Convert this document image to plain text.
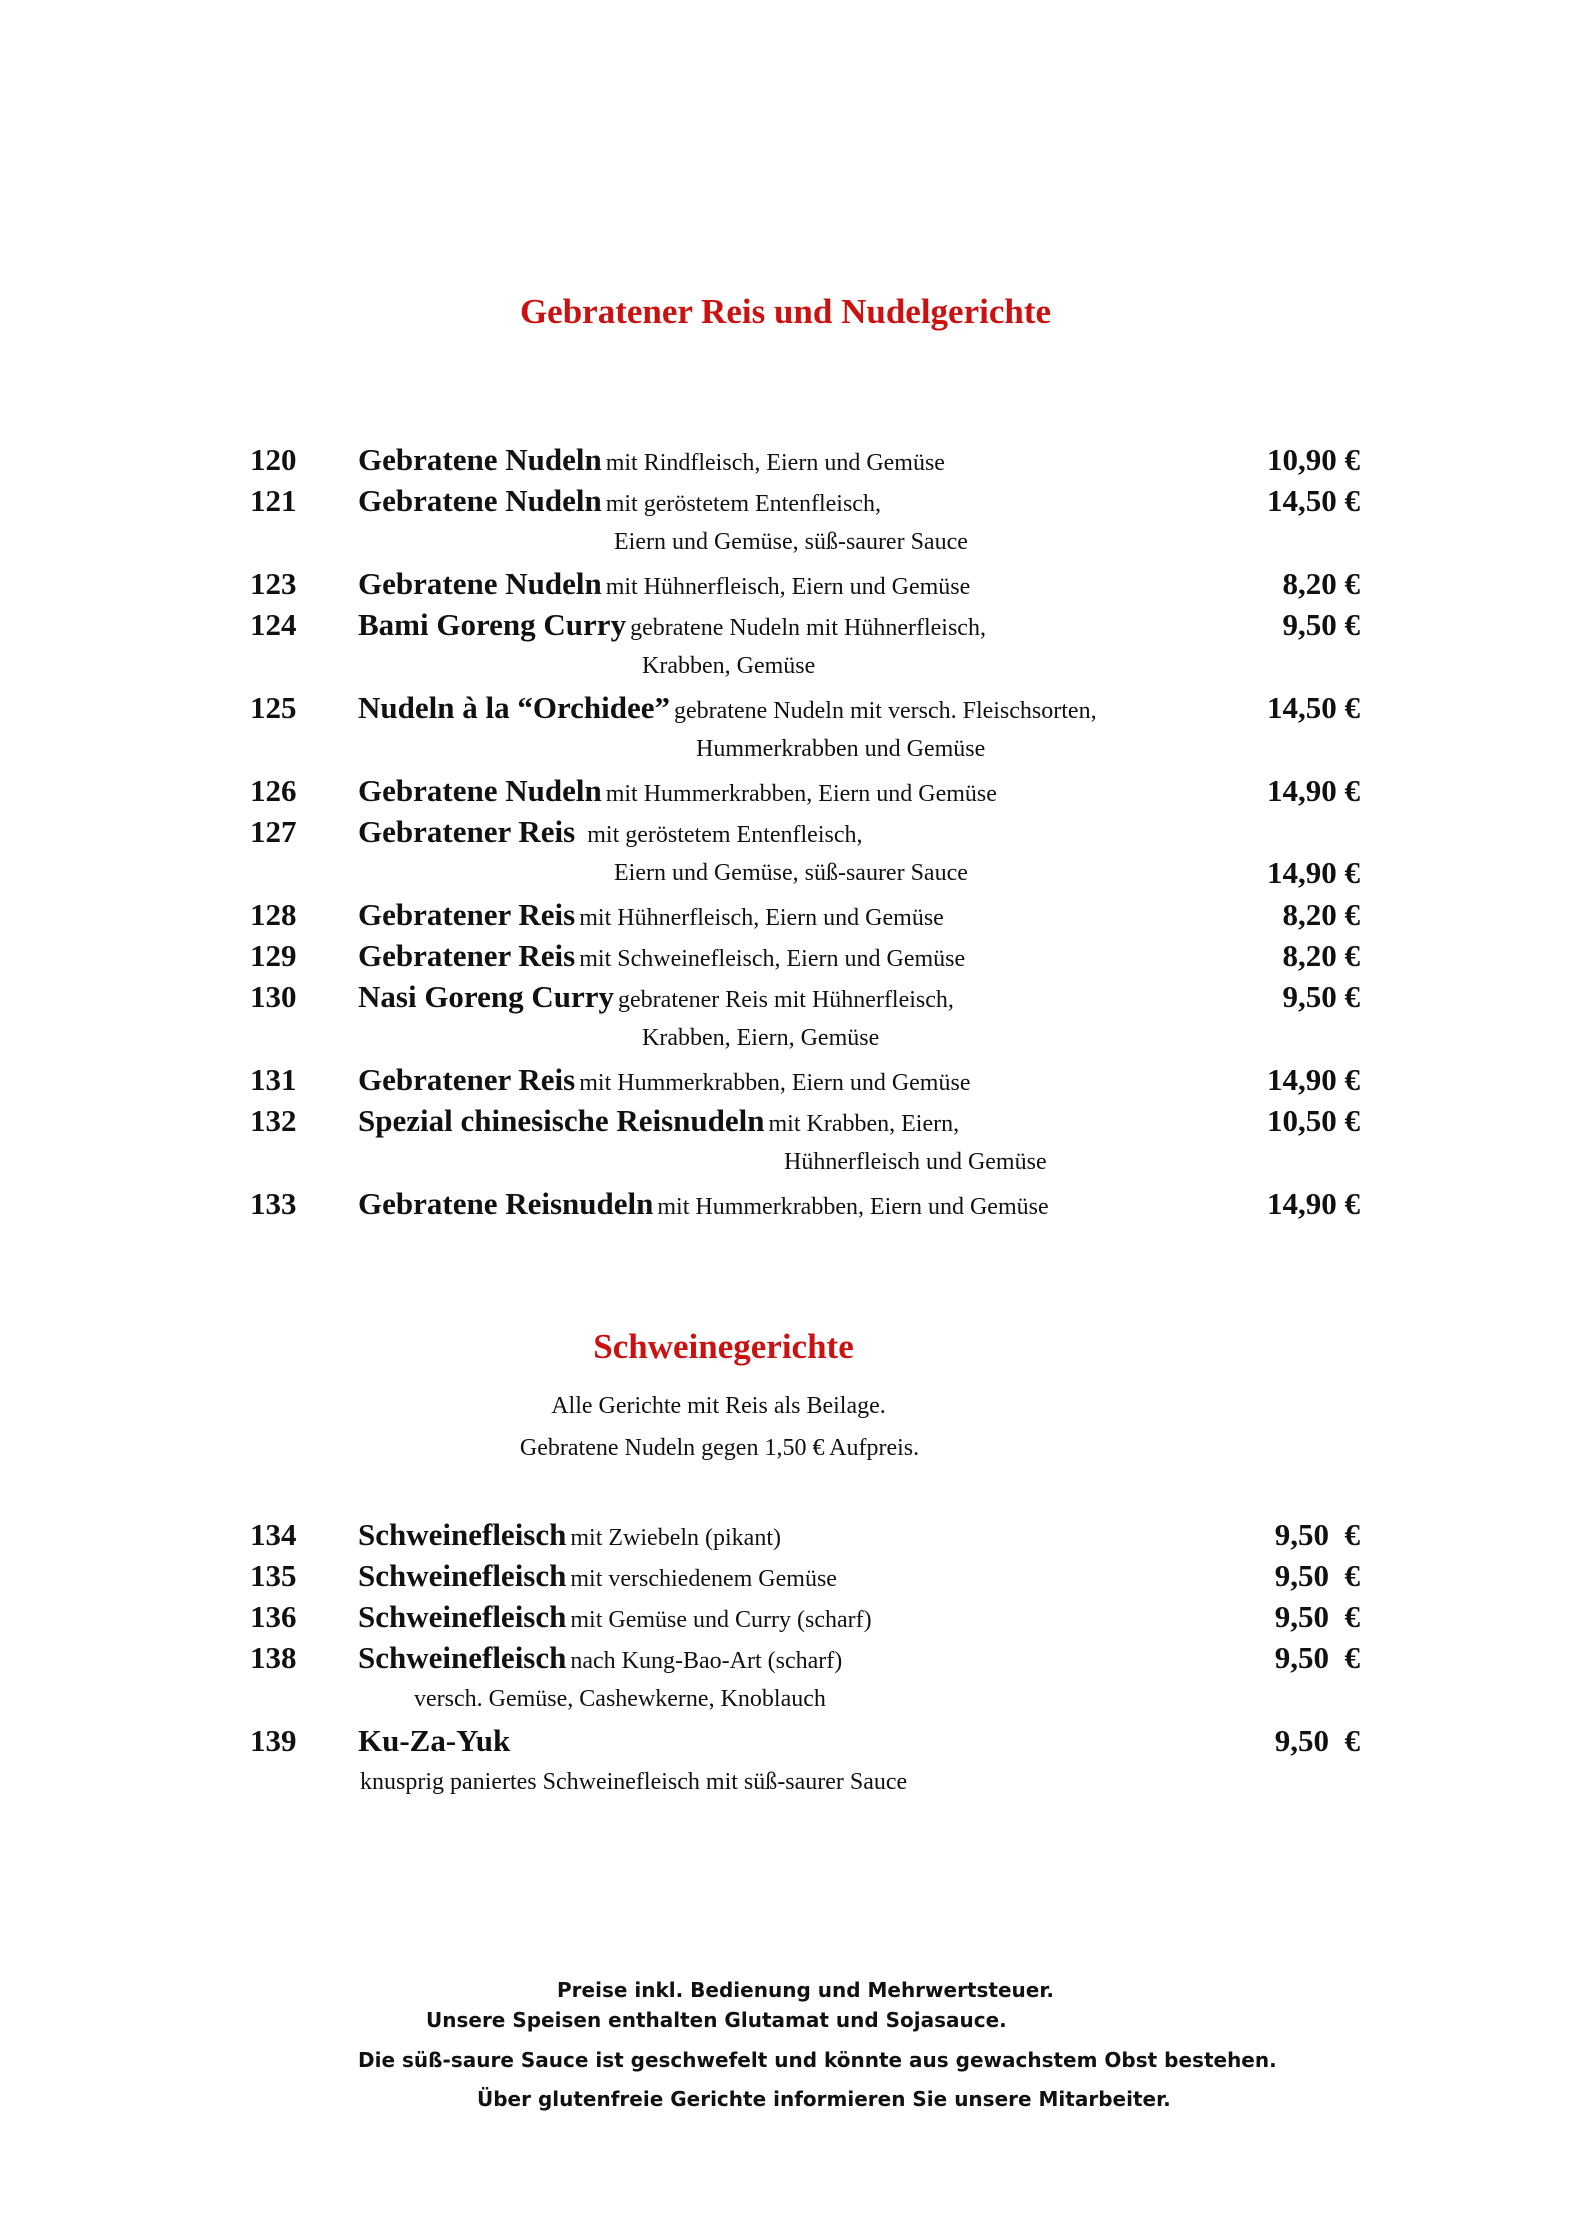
Gebratener Reis und Nudelgerichte
120 Gebratene Nudeln mit Rindfleisch, Eiern und Gemüse	10,90 €
121 Gebratene Nudeln mit geröstetem Entenfleisch,	14,50 €
Eiern und Gemüse, süß-saurer Sauce
123 Gebratene Nudeln mit Hühnerfleisch, Eiern und Gemüse	8,20 €
124 Bami Goreng Curry gebratene Nudeln mit Hühnerfleisch,	9,50 €
Krabben, Gemüse
125 Nudeln à la “Orchidee” gebratene Nudeln mit versch. Fleischsorten,	14,50 €
Hummerkrabben und Gemüse
126 Gebratene Nudeln mit Hummerkrabben, Eiern und Gemüse	14,90 €
127 Gebratener Reis mit geröstetem Entenfleisch,
Eiern und Gemüse, süß-saurer Sauce	14,90 €
128 Gebratener Reis mit Hühnerfleisch, Eiern und Gemüse	8,20 €
129 Gebratener Reis mit Schweinefleisch, Eiern und Gemüse	8,20 €
130 Nasi Goreng Curry gebratener Reis mit Hühnerfleisch,	9,50 €
Krabben, Eiern, Gemüse
131 Gebratener Reis mit Hummerkrabben, Eiern und Gemüse	14,90 €
132 Spezial chinesische Reisnudeln mit Krabben, Eiern,	10,50 €
Hühnerfleisch und Gemüse
133 Gebratene Reisnudeln mit Hummerkrabben, Eiern und Gemüse	14,90 €
Schweinegerichte
Alle Gerichte mit Reis als Beilage.
Gebratene Nudeln gegen 1,50 € Aufpreis.
134 Schweinefleisch mit Zwiebeln (pikant)	9,50  €
135 Schweinefleisch mit verschiedenem Gemüse	9,50  €
136 Schweinefleisch mit Gemüse und Curry (scharf)	9,50  €
138 Schweinefleisch nach Kung-Bao-Art (scharf)	9,50  €
versch. Gemüse, Cashewkerne, Knoblauch
139 Ku-Za-Yuk	9,50  €
knusprig paniertes Schweinefleisch mit süß-saurer Sauce
Preise inkl. Bedienung und Mehrwertsteuer.
Unsere Speisen enthalten Glutamat und Sojasauce.
Die süß-saure Sauce ist geschwefelt und könnte aus gewachstem Obst bestehen.
Über glutenfreie Gerichte informieren Sie unsere Mitarbeiter.
